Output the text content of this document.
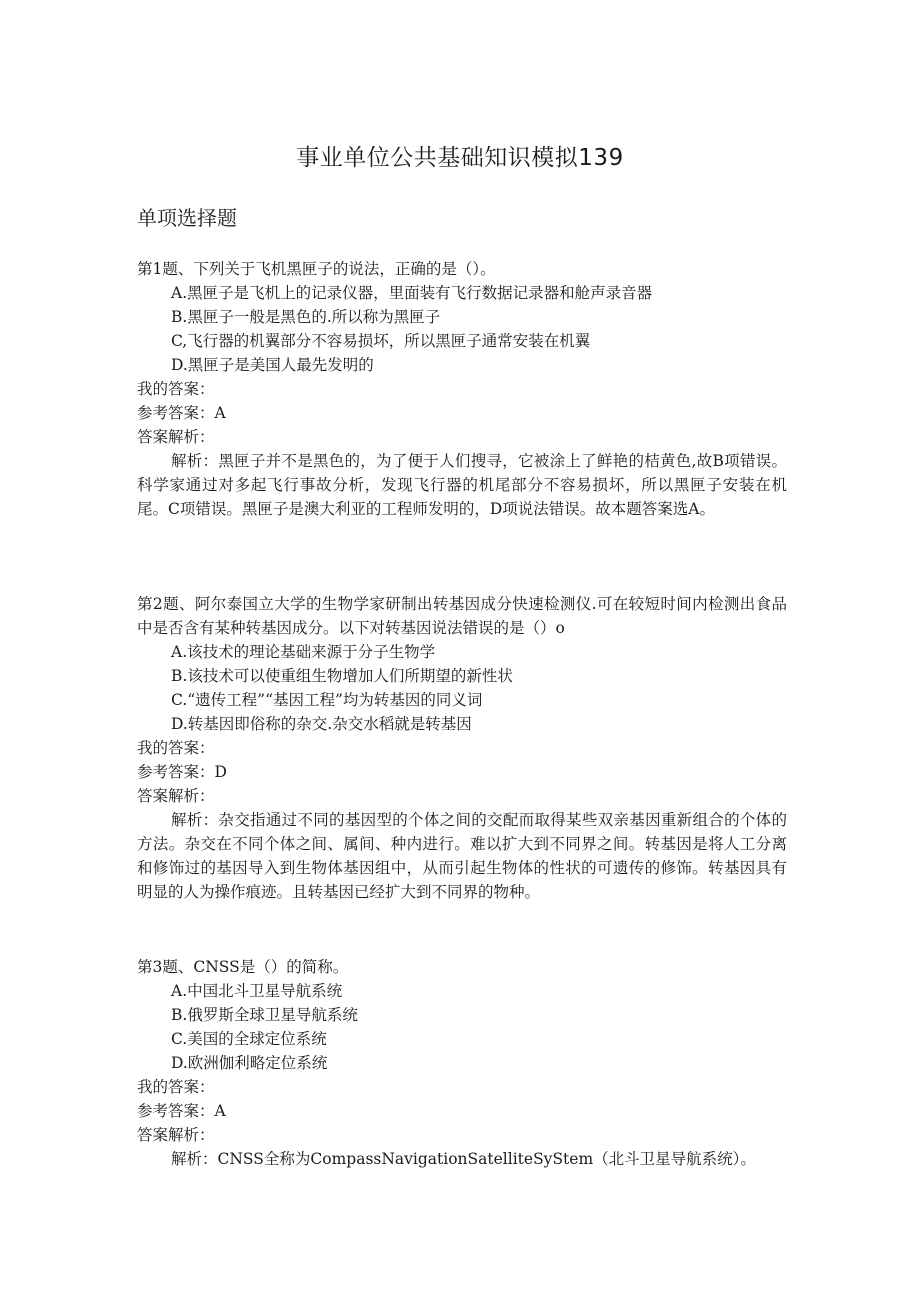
事业单位公共基础知识模拟139
单项选择题
第1题、下列关于飞机黑匣子的说法，正确的是（）。
A.黑匣子是飞机上的记录仪器，里面装有飞行数据记录器和舱声录音器
B.黑匣子一般是黑色的.所以称为黑匣子
C,飞行器的机翼部分不容易损坏，所以黑匣子通常安装在机翼
D.黑匣子是美国人最先发明的
我的答案：
参考答案：A
答案解析：

解析：黑匣子并不是黑色的，为了便于人们搜寻，它被涂上了鲜艳的桔黄色,故B项错误。科学家通过对多起飞行事故分析，发现飞行器的机尾部分不容易损坏，所以黑匣子安装在机尾。C项错误。黑匣子是澳大利亚的工程师发明的，D项说法错误。故本题答案选A。

第2题、阿尔泰国立大学的生物学家研制出转基因成分快速检测仪.可在较短时间内检测出食品中是否含有某种转基因成分。以下对转基因说法错误的是（）o

A.该技术的理论基础来源于分子生物学
B.该技术可以使重组生物增加人们所期望的新性状
C.“遗传工程”“基因工程”均为转基因的同义词
D.转基因即俗称的杂交.杂交水稻就是转基因
我的答案：
参考答案：D
答案解析：

解析：杂交指通过不同的基因型的个体之间的交配而取得某些双亲基因重新组合的个体的方法。杂交在不同个体之间、属间、种内进行。难以扩大到不同界之间。转基因是将人工分离和修饰过的基因导入到生物体基因组中，从而引起生物体的性状的可遗传的修饰。转基因具有明显的人为操作痕迹。且转基因已经扩大到不同界的物种。

第3题、CNSS是（）的简称。
A.中国北斗卫星导航系统
B.俄罗斯全球卫星导航系统
C.美国的全球定位系统
D.欧洲伽利略定位系统
我的答案：
参考答案：A
答案解析：

解析：CNSS全称为CompassNavigationSatelliteSyStem（北斗卫星导航系统）。
